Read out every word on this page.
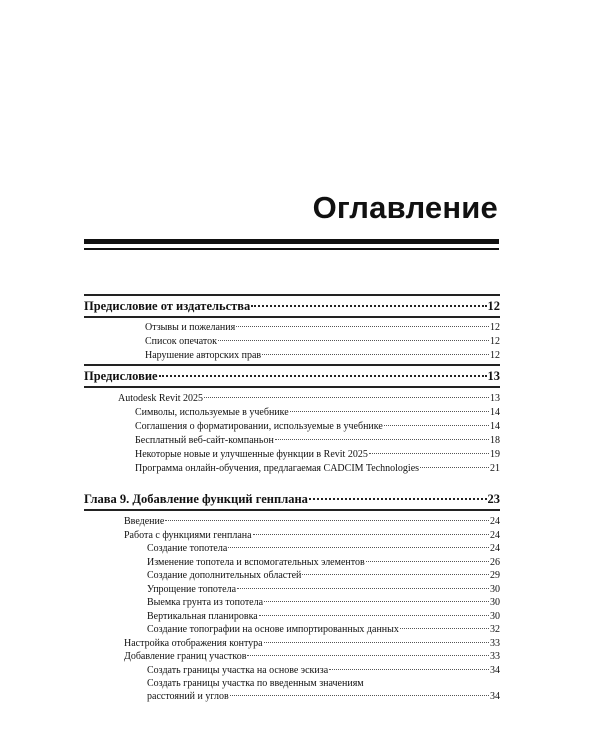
Оглавление
Предисловие от издательства	12
Отзывы и пожелания	12
Список опечаток	12
Нарушение авторских прав	12
Предисловие	13
Autodesk Revit 2025	13
Символы, используемые в учебнике	14
Соглашения о форматировании, используемые в учебнике	14
Бесплатный веб-сайт-компаньон	18
Некоторые новые и улучшенные функции в Revit 2025	19
Программа онлайн-обучения, предлагаемая CADCIM Technologies	21
Глава 9. Добавление функций генплана	23
Введение	24
Работа с функциями генплана	24
Создание топотела	24
Изменение топотела и вспомогательных элементов	26
Создание дополнительных областей	29
Упрощение топотела	30
Выемка грунта из топотела	30
Вертикальная планировка	30
Создание топографии на основе импортированных данных	32
Настройка отображения контура	33
Добавление границ участков	33
Создать границы участка на основе эскиза	34
Создать границы участка по введенным значениям
расстояний и углов	34
